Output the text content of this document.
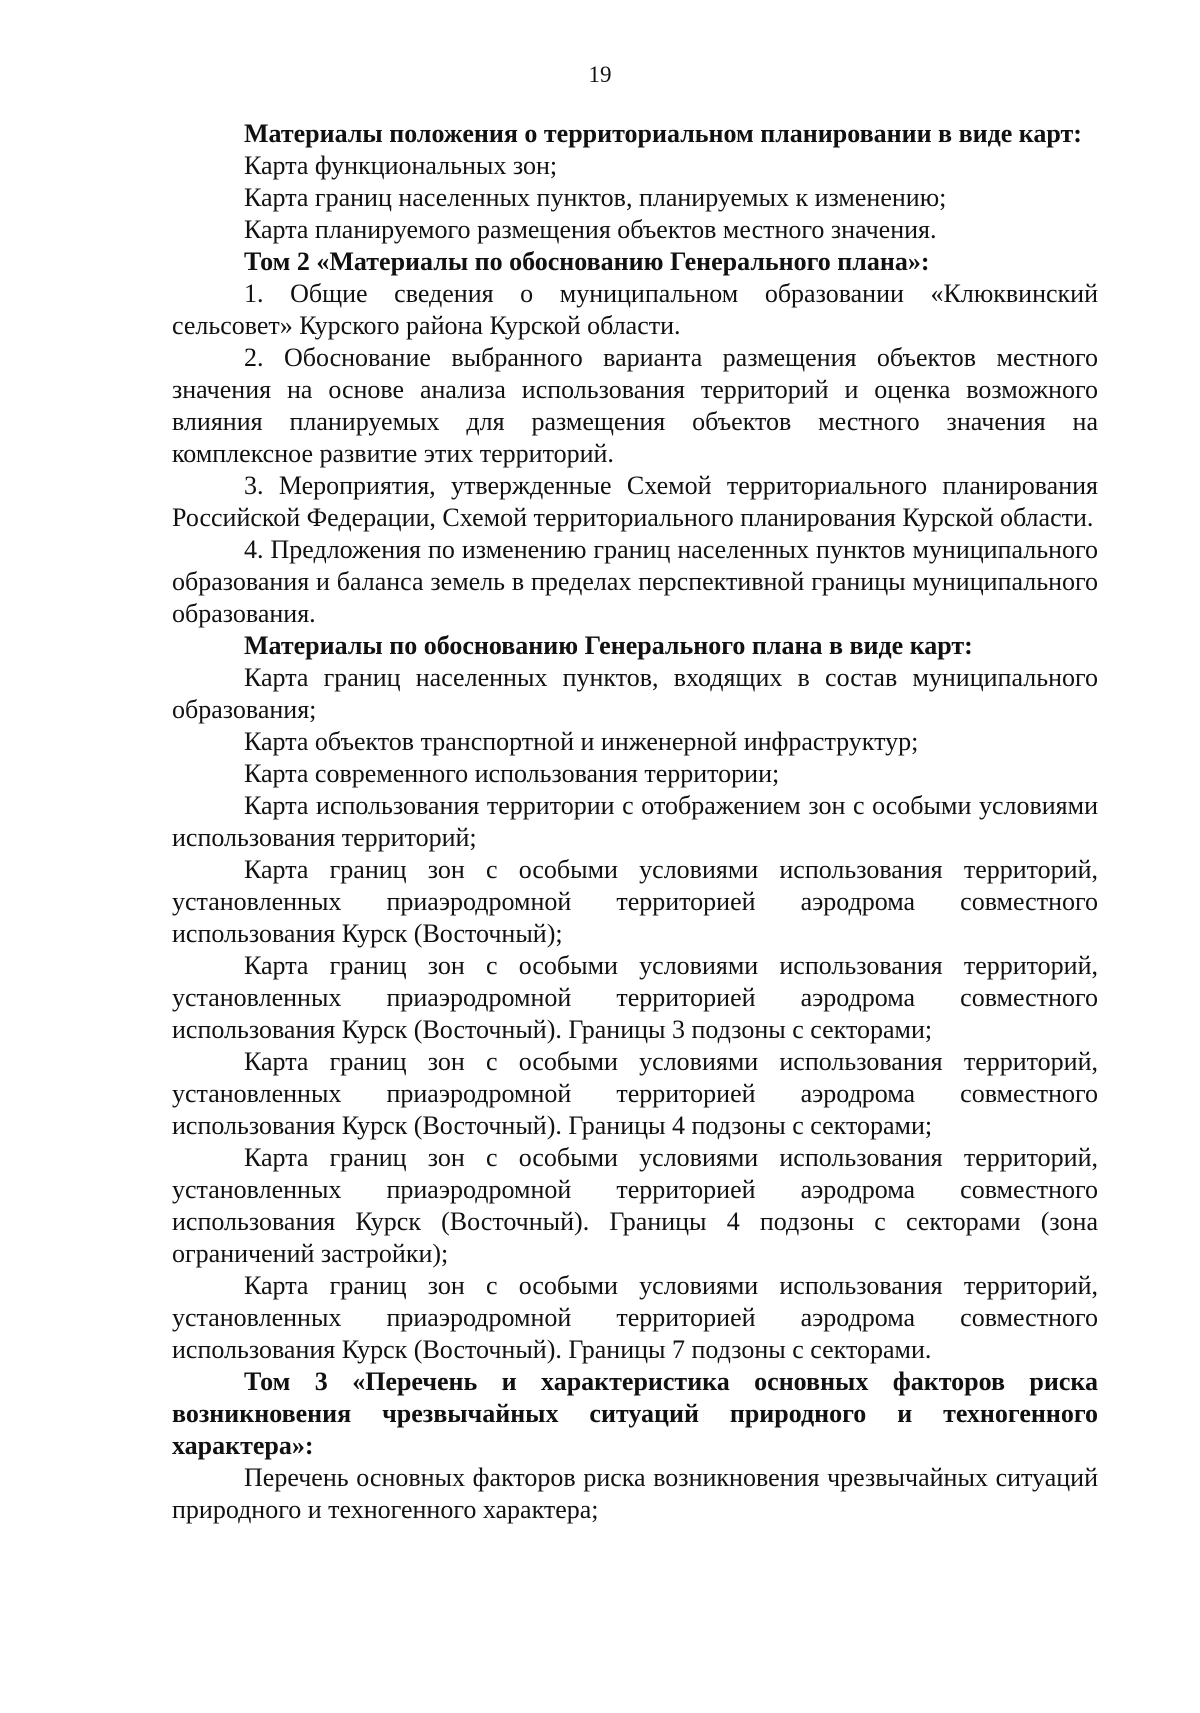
19

Материалы положения о территориальном планировании в виде карт:

Карта функциональных зон;

Карта границ населенных пунктов, планируемых к изменению;

Карта планируемого размещения объектов местного значения.

Том 2 «Материалы по обоснованию Генерального плана»:

1. Общие сведения о муниципальном образовании «Клюквинский сельсовет» Курского района Курской области.

2. Обоснование выбранного варианта размещения объектов местного значения на основе анализа использования территорий и оценка возможного влияния планируемых для размещения объектов местного значения на комплексное развитие этих территорий.

3. Мероприятия, утвержденные Схемой территориального планирования Российской Федерации, Схемой территориального планирования Курской области.

4. Предложения по изменению границ населенных пунктов муниципального образования и баланса земель в пределах перспективной границы муниципального образования.

Материалы по обоснованию Генерального плана в виде карт:

Карта границ населенных пунктов, входящих в состав муниципального образования;

Карта объектов транспортной и инженерной инфраструктур;

Карта современного использования территории;

Карта использования территории с отображением зон с особыми условиями использования территорий;

Карта границ зон с особыми условиями использования территорий, установленных приаэродромной территорией аэродрома совместного использования Курск (Восточный);

Карта границ зон с особыми условиями использования территорий, установленных приаэродромной территорией аэродрома совместного использования Курск (Восточный). Границы 3 подзоны с секторами;

Карта границ зон с особыми условиями использования территорий, установленных приаэродромной территорией аэродрома совместного использования Курск (Восточный). Границы 4 подзоны с секторами;

Карта границ зон с особыми условиями использования территорий, установленных приаэродромной территорией аэродрома совместного использования Курск (Восточный). Границы 4 подзоны с секторами (зона ограничений застройки);

Карта границ зон с особыми условиями использования территорий, установленных приаэродромной территорией аэродрома совместного использования Курск (Восточный). Границы 7 подзоны с секторами.

Том 3 «Перечень и характеристика основных факторов риска возникновения чрезвычайных ситуаций природного и техногенного характера»:

Перечень основных факторов риска возникновения чрезвычайных ситуаций природного и техногенного характера;
